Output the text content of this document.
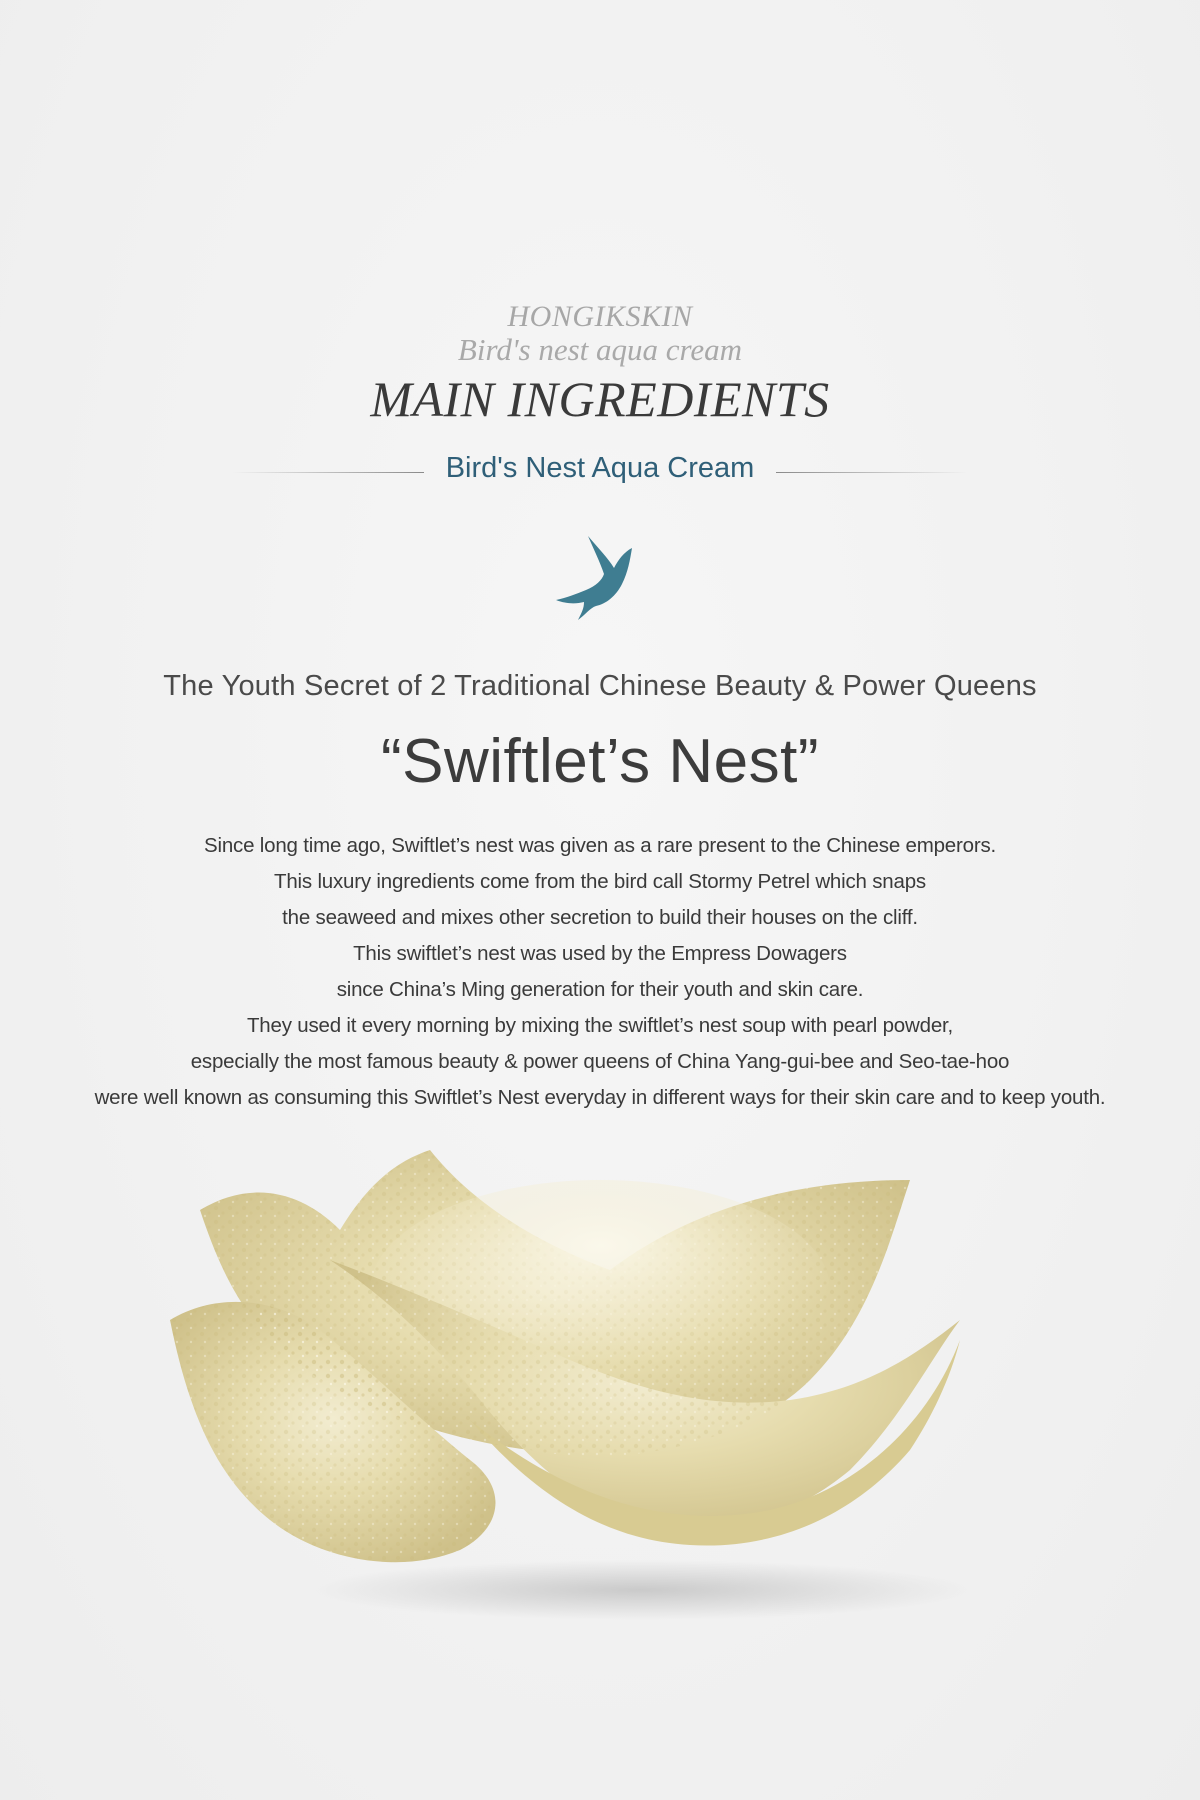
HONGIKSKIN
Bird's nest aqua cream
MAIN INGREDIENTS
Bird's Nest Aqua Cream
The Youth Secret of 2 Traditional Chinese Beauty & Power Queens
“Swiftlet’s Nest”
Since long time ago, Swiftlet’s nest was given as a rare present to the Chinese emperors.
This luxury ingredients come from the bird call Stormy Petrel which snaps
the seaweed and mixes other secretion to build their houses on the cliff.
This swiftlet’s nest was used by the Empress Dowagers
since China’s Ming generation for their youth and skin care.
They used it every morning by mixing the swiftlet’s nest soup with pearl powder,
especially the most famous beauty & power queens of China Yang-gui-bee and Seo-tae-hoo
were well known as consuming this Swiftlet’s Nest everyday in different ways for their skin care and to keep youth.
